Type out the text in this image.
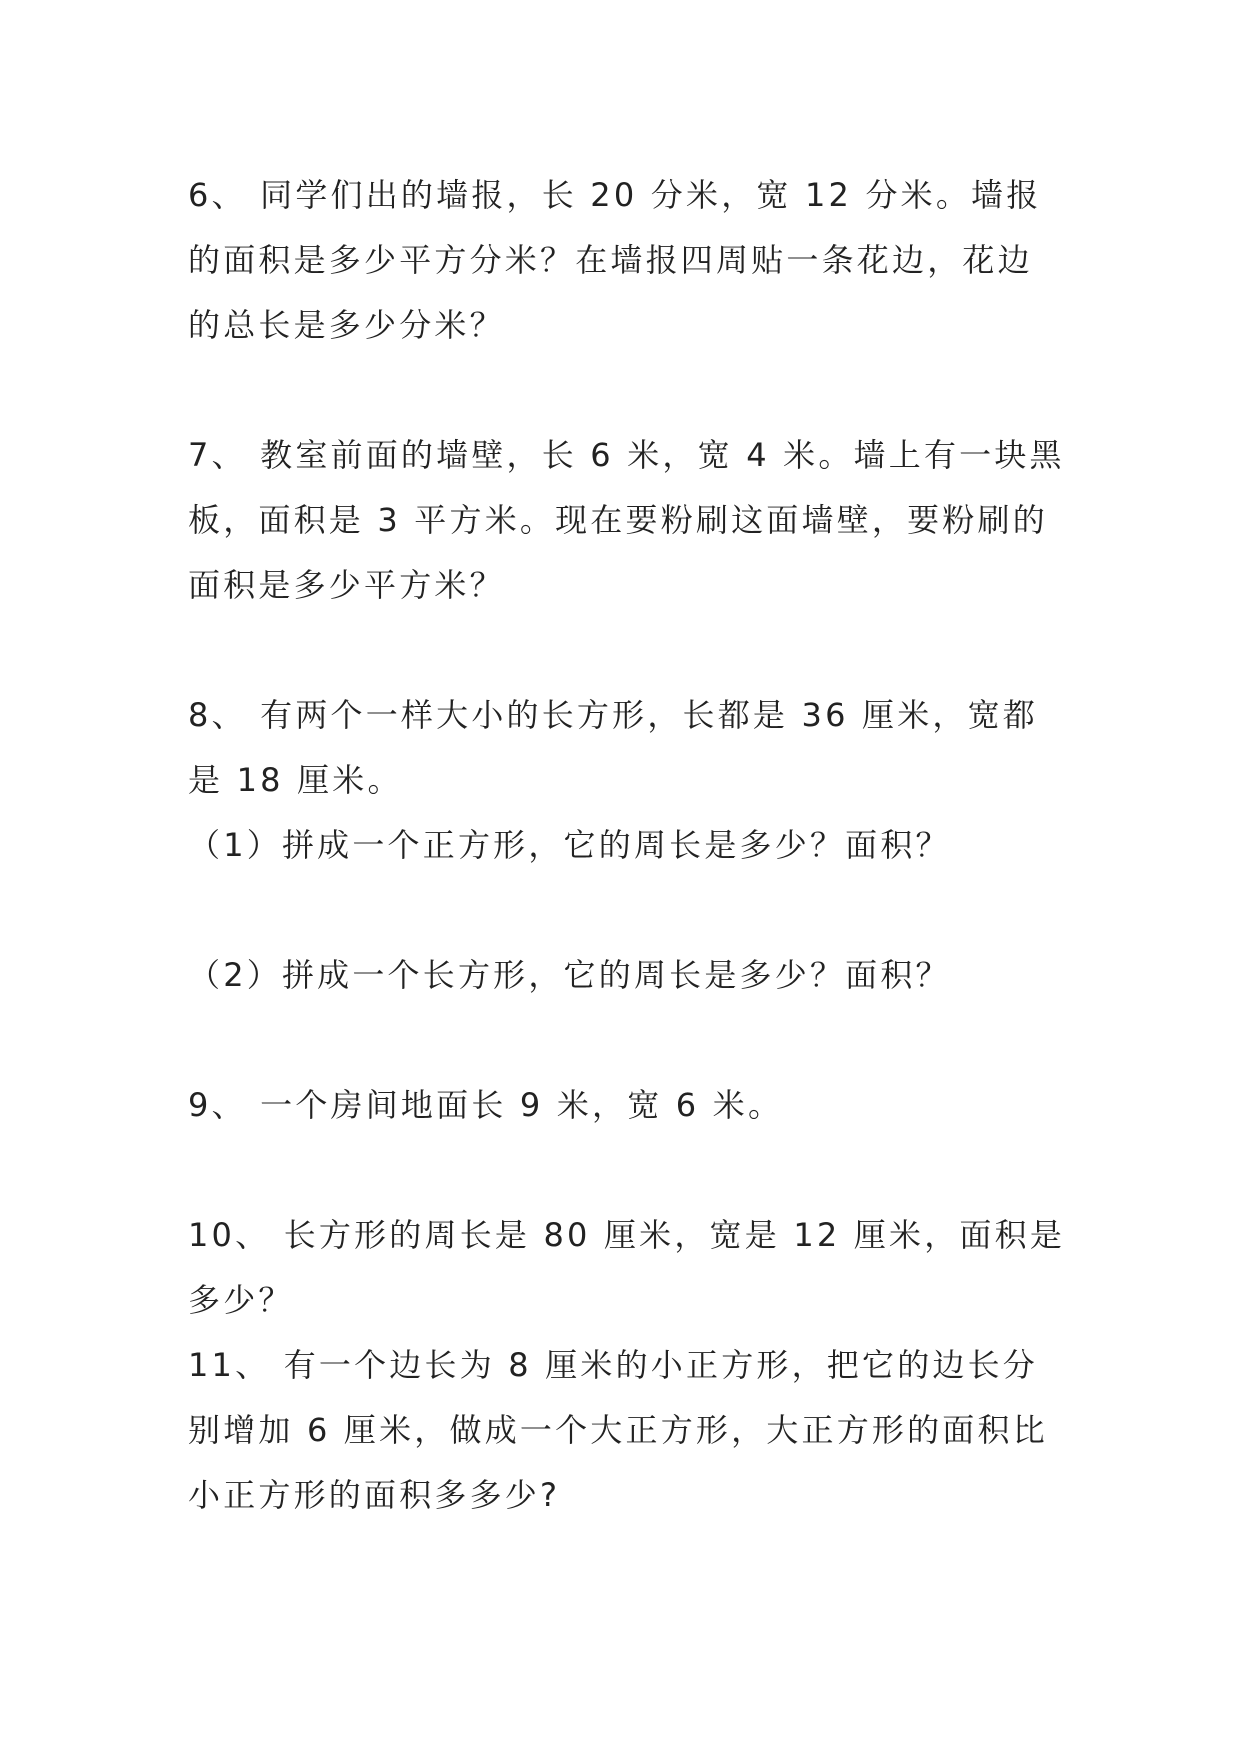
6、 同学们出的墙报，长 20 分米，宽 12 分米。墙报
的面积是多少平方分米？在墙报四周贴一条花边，花边
的总长是多少分米？
7、 教室前面的墙壁，长 6 米，宽 4 米。墙上有一块黑
板，面积是 3 平方米。现在要粉刷这面墙壁，要粉刷的
面积是多少平方米？
8、 有两个一样大小的长方形，长都是 36 厘米，宽都
是 18 厘米。
（1）拼成一个正方形，它的周长是多少？面积？
（2）拼成一个长方形，它的周长是多少？面积？
9、 一个房间地面长 9 米，宽 6 米。
10、 长方形的周长是 80 厘米，宽是 12 厘米，面积是
多少？
11、 有一个边长为 8 厘米的小正方形，把它的边长分
别增加 6 厘米，做成一个大正方形，大正方形的面积比
小正方形的面积多多少?
